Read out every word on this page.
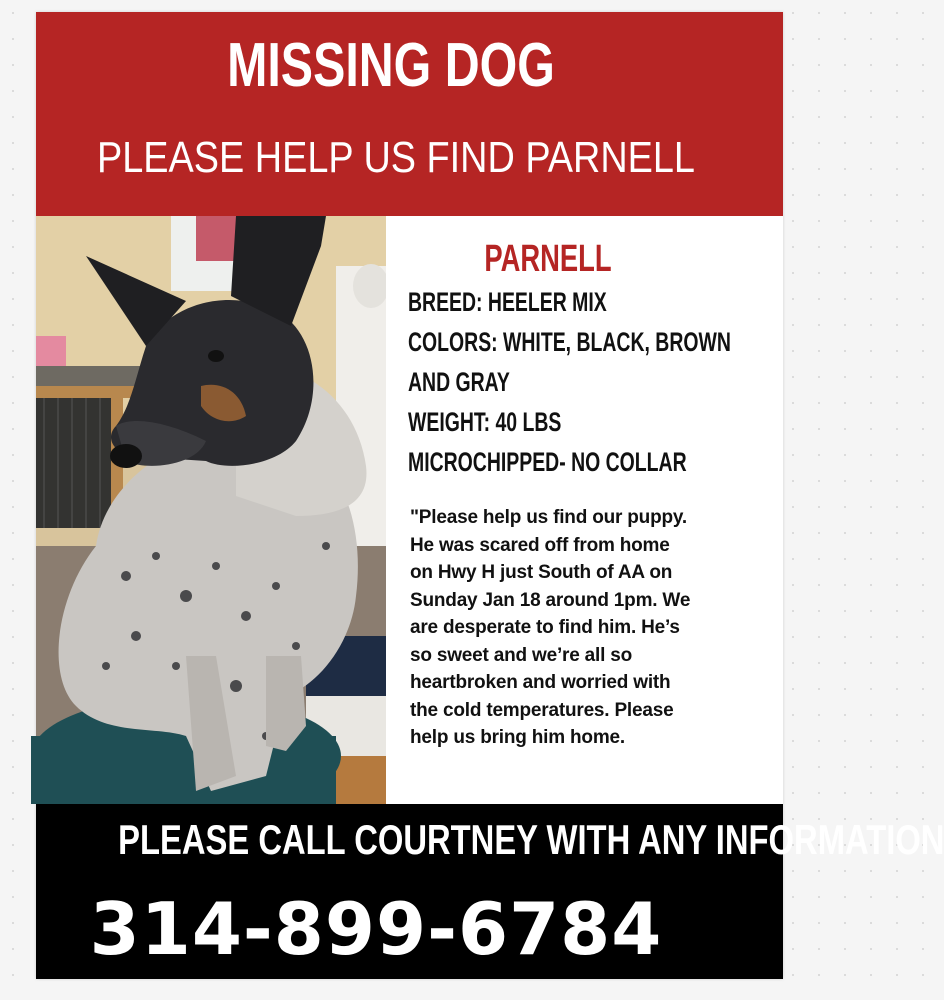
MISSING DOG
PLEASE HELP US FIND PARNELL
PARNELL
BREED: HEELER MIX
COLORS: WHITE, BLACK, BROWN
AND GRAY
WEIGHT: 40 LBS
MICROCHIPPED- NO COLLAR
"Please help us find our puppy.
He was scared off from home
on Hwy H just South of AA on
Sunday Jan 18 around 1pm. We
are desperate to find him. He’s
so sweet and we’re all so
heartbroken and worried with
the cold temperatures. Please
help us bring him home.
PLEASE CALL COURTNEY WITH ANY INFORMATION
314-899-6784
